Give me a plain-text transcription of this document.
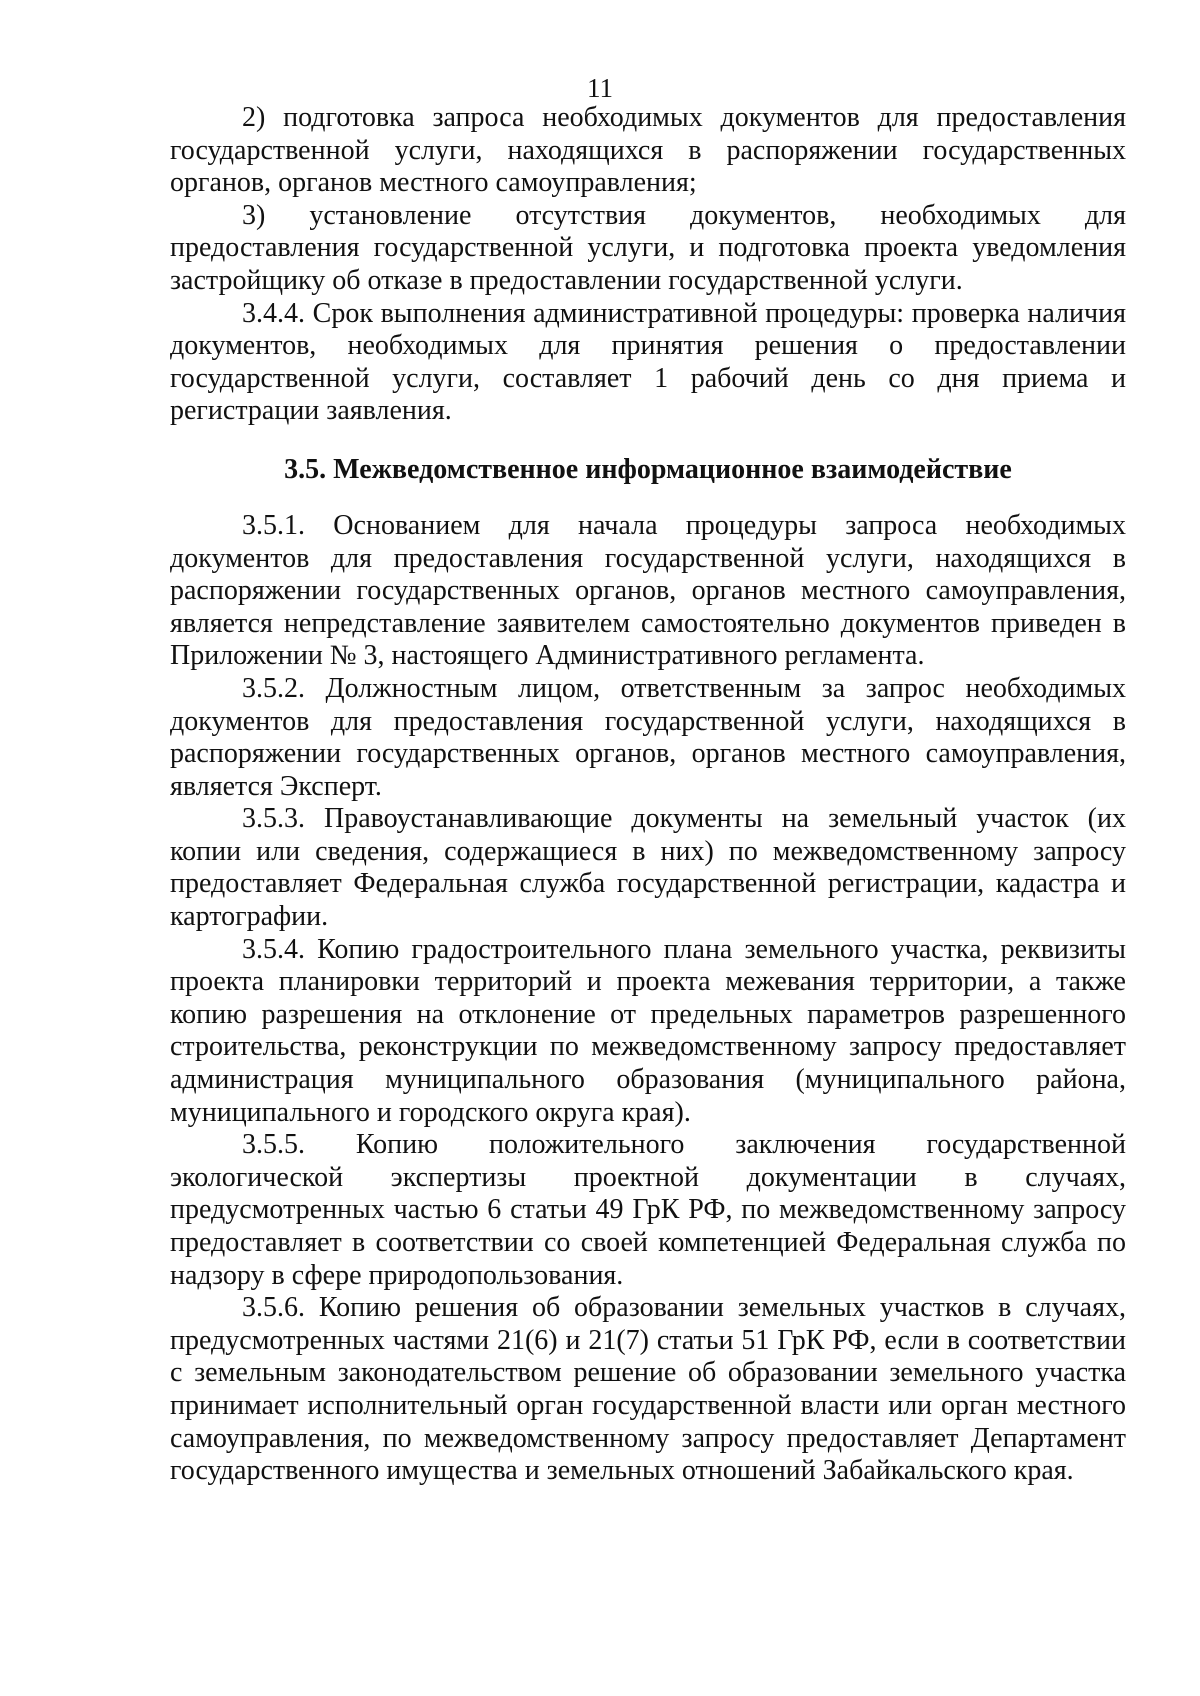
11

2) подготовка запроса необходимых документов для предоставления государственной услуги, находящихся в распоряжении государственных органов, органов местного самоуправления;

3) установление отсутствия документов, необходимых для предоставления государственной услуги, и подготовка проекта уведомления застройщику об отказе в предоставлении государственной услуги.

3.4.4. Срок выполнения административной процедуры: проверка наличия документов, необходимых для принятия решения о предоставлении государственной услуги, составляет 1 рабочий день со дня приема и регистрации заявления.

3.5. Межведомственное информационное взаимодействие

3.5.1. Основанием для начала процедуры запроса необходимых документов для предоставления государственной услуги, находящихся в распоряжении государственных органов, органов местного самоуправления, является непредставление заявителем самостоятельно документов приведен в Приложении № 3, настоящего Административного регламента.

3.5.2. Должностным лицом, ответственным за запрос необходимых документов для предоставления государственной услуги, находящихся в распоряжении государственных органов, органов местного самоуправления, является Эксперт.

3.5.3. Правоустанавливающие документы на земельный участок (их копии или сведения, содержащиеся в них) по межведомственному запросу предоставляет Федеральная служба государственной регистрации, кадастра и картографии.

3.5.4. Копию градостроительного плана земельного участка, реквизиты проекта планировки территорий и проекта межевания территории, а также копию разрешения на отклонение от предельных параметров разрешенного строительства, реконструкции по межведомственному запросу предоставляет администрация муниципального образования (муниципального района, муниципального и городского округа края).

3.5.5. Копию положительного заключения государственной экологической экспертизы проектной документации в случаях, предусмотренных частью 6 статьи 49 ГрК РФ, по межведомственному запросу предоставляет в соответствии со своей компетенцией Федеральная служба по надзору в сфере природопользования.

3.5.6. Копию решения об образовании земельных участков в случаях, предусмотренных частями 21(6) и 21(7) статьи 51 ГрК РФ, если в соответствии с земельным законодательством решение об образовании земельного участка принимает исполнительный орган государственной власти или орган местного самоуправления, по межведомственному запросу предоставляет Департамент государственного имущества и земельных отношений Забайкальского края.
